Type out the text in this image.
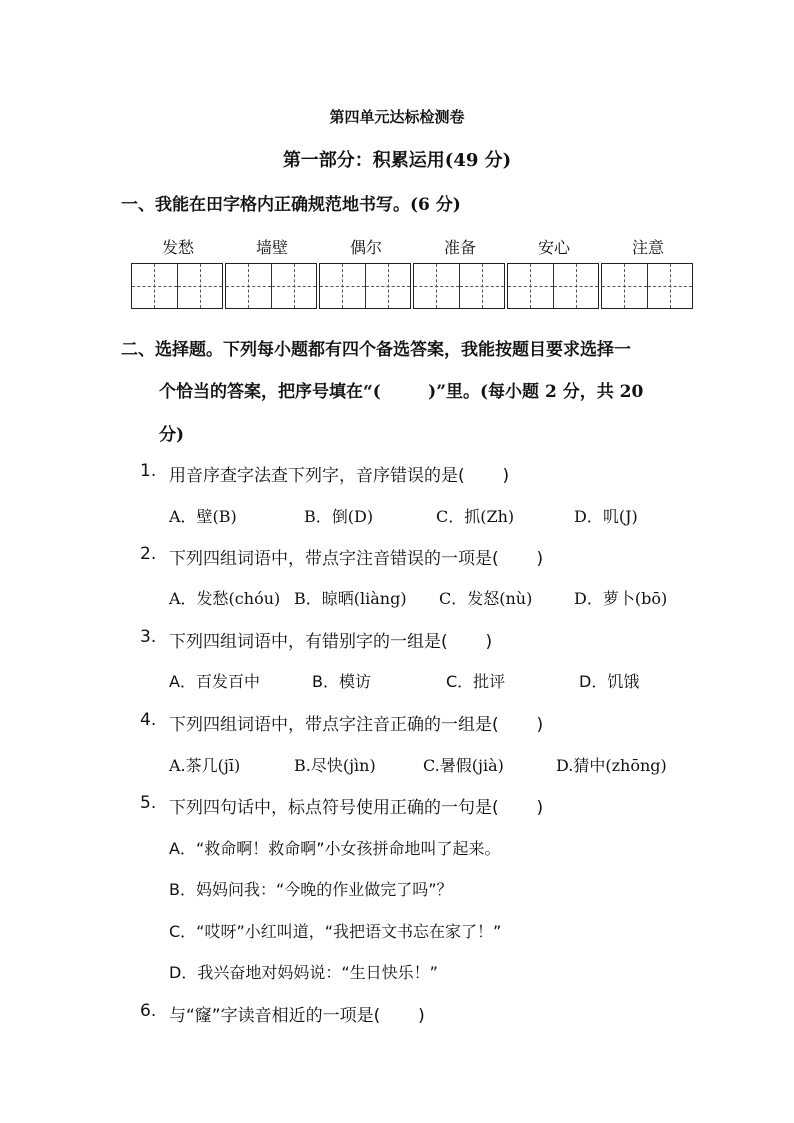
第四单元达标检测卷
第一部分：积累运用(49 分)
一、我能在田字格内正确规范地书写。(6 分)
发愁	墙壁	偶尔	准备	安心	注意
二、选择题。下列每小题都有四个备选答案，我能按题目要求选择一
个恰当的答案，把序号填在“(        )”里。(每小题 2 分，共 20
分)
1. 用音序查字法查下列字，音序错误的是(       )
A．壁(B)	B．倒(D)	C．抓(Zh)	D．叽(J)
2. 下列四组词语中，带点字注音错误的一项是(       )
A．发愁(chóu) B．晾晒(liàng) C．发怒(nù)	D．萝卜(bō)
3. 下列四组词语中，有错别字的一组是(       )
A．百发百中	B．模访	C．批评	D．饥饿
4. 下列四组词语中，带点字注音正确的一组是(       )
A.茶几(jī)	B.尽快(jìn)	C.暑假(jià)	D.猜中(zhōng)
5. 下列四句话中，标点符号使用正确的一句是(       )
A．“救命啊！救命啊”小女孩拼命地叫了起来。
B．妈妈问我：“今晚的作业做完了吗”？
C．“哎呀”小红叫道，“我把语文书忘在家了！”
D．我兴奋地对妈妈说：“生日快乐！”
6. 与“窿”字读音相近的一项是(       )
